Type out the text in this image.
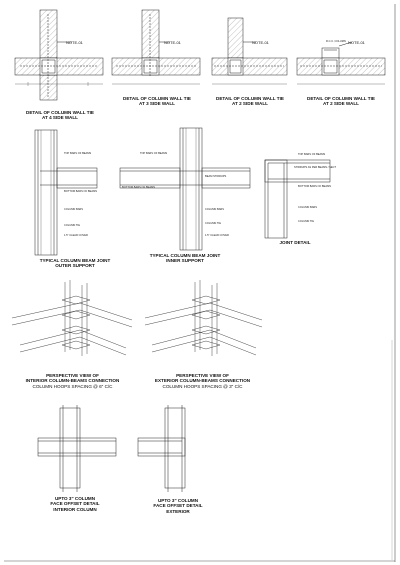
NOTE-01	NOTE-01	NOTE-01	NOTE-01
R.C.C. COLUMN
DETAIL OF COLUMN WALL TIE
AT 4 SIDE WALL
DETAIL OF COLUMN WALL TIE
AT 3 SIDE WALL
DETAIL OF COLUMN WALL TIE
AT 2 SIDE WALL
DETAIL OF COLUMN WALL TIE
AT 2 SIDE WALL
TOP BARS OF BEAMS
BOTTOM BARS OF BEAMS
COLUMN BARS
COLUMN TIE
1.5" CLEAR COVER
TOP BARS OF BEAMS
BEAM STIRRUPS
BOTTOM BARS OF BEAMS
COLUMN BARS
COLUMN TIE
1.5" CLEAR COVER
TOP BARS OF BEAMS
STIRRUPS AS PER BEAMS / SECT
BOTTOM BARS OF BEAMS
COLUMN BARS
COLUMN TIE
TYPICAL COLUMN BEAM JOINT
OUTER SUPPORT
TYPICAL COLUMN BEAM JOINT
INNER SUPPORT
JOINT DETAIL
PERSPECTIVE VIEW OF
INTERIOR COLUMN-BEAMS CONNECTION
COLUMN HOOPS SPACING @ 6" C/C
PERSPECTIVE VIEW OF
EXTERIOR COLUMN-BEAMS CONNECTION
COLUMN HOOPS SPACING @ 3" C/C
UPTO 3" COLUMN
FACE OFFSET DETAIL
INTERIOR COLUMN
UPTO 3" COLUMN
FACE OFFSET DETAIL
EXTERIOR
